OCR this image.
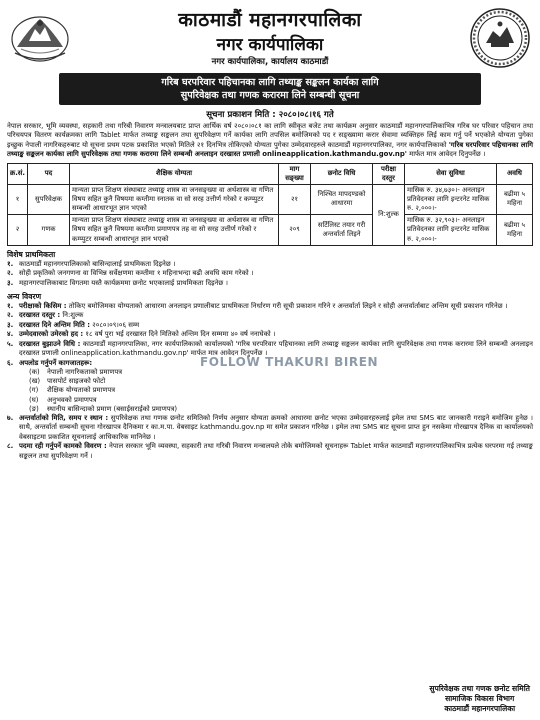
काठमाडौं महानगरपालिका
नगर कार्यपालिका
नगर कार्यपालिका, कार्यालय काठमाडौं
गरिब घरपरिवार पहिचानका लागि तथ्याङ्क सङ्कलन कार्यका लागि
सुपरिवेक्षक तथा गणक करारमा लिने सम्बन्धी सूचना
सूचना प्रकाशन मिति : २०८०।०८।१६ गते

नेपाल सरकार, भूमि व्यवस्था, सहकारी तथा गरिबी निवारण मन्त्रालयबाट प्राप्त आर्थिक वर्ष २०८०।०८१ का लागि स्वीकृत बजेट तथा कार्यक्रम अनुसार काठमाडौं महानगरपालिकाभित्र गरिब घर परिवार पहिचान तथा परिचयपत्र वितरण कार्यक्रमका लागि Tablet मार्फत तथ्याङ्क सङ्कलन तथा सुपरिवेक्षण गर्ने कार्यका लागि तपसिल बमोजिमको पद र सङ्ख्यामा करार सेवामा व्यक्तिहरु लिई काम गर्नु पर्ने भएकोले योग्यता पुगेका इच्छुक नेपाली नागरिकहरुबाट यो सूचना प्रथम पटक प्रकाशित भएको मितिले २१ दिनभित्र तोकिएको योग्यता पुगेका उम्मेदवारहरुले काठमाडौं महानगरपालिका, नगर कार्यपालिकाको 'गरिब घरपरिवार पहिचानका लागि तथ्याङ्क सङ्कलन कार्यका लागि सुपरिवेक्षक तथा गणक करारमा लिने सम्बन्धी अनलाइन दरखास्त प्रणाली onlineapplication.kathmandu.gov.np' मार्फत मात्र आवेदन दिनुपर्नेछ ।

क्र.सं.	पद	शैक्षिक योग्यता	माग सङ्ख्या	छनोट विधि	परीक्षा दस्तुर	सेवा सुविधा	अवधि
१	सुपरिवेक्षक	मान्यता प्राप्त शिक्षण संस्थाबाट तथ्याङ्क शास्त्र वा जनसङ्ख्या वा अर्थशास्त्र वा गणित विषय सहित कुनै विषयमा कम्तीमा स्नातक वा सो सरह उत्तीर्ण गरेको र कम्प्युटर सम्बन्धी आधारभूत ज्ञान भएको	२१	निश्चित मापदण्डको आधारमा	नि:शुल्क	मासिक रु. ३४,७३०।- अनलाइन प्रतिवेदनका लागि इन्टरनेट मासिक रु. २,०००।-	बढीमा ५ महिना
२	गणक	मान्यता प्राप्त शिक्षण संस्थाबाट तथ्याङ्क शास्त्र वा जनसङ्ख्या वा अर्थशास्त्र वा गणित विषय सहित कुनै विषयमा कम्तीमा प्रमाणपत्र तह वा सो सरह उत्तीर्ण गरेको र कम्प्युटर सम्बन्धी आधारभूत ज्ञान भएको	२०९	सर्टिलिस्ट तयार गरी अन्तर्वार्ता लिइने		मासिक रु. ३२,९०३।- अनलाइन प्रतिवेदनका लागि इन्टरनेट मासिक रु. २,०००।-	बढीमा ५ महिना
FOLLOW THAKURI BIREN
विशेष प्राथमिकता
१. काठमाडौं महानगरपालिकाको बासिन्दालाई प्राथमिकता दिइनेछ ।
२. सोही प्रकृतिको जनगणना वा विभिन्न सर्वेक्षणमा कम्तीमा १ महिनाभन्दा बढी अवधि काम गरेको ।
३. महानगरपालिकाबाट विगतमा यस्तै कार्यक्रममा छनोट भएकालाई प्राथमिकता दिइनेछ ।
अन्य विवरण
१. परीक्षाको किसिम : तोकिए बमोजिमका योग्यताको आधारमा अनलाइन प्रणालीबाट प्राथमिकता निर्धारण गरी सूची प्रकाशन गरिने र अन्तर्वार्ता लिइने र सोही अन्तर्वार्ताबाट अन्तिम सूची प्रकाशन गरिनेछ ।
२. दरखास्त दस्तुर : नि:शुल्क
३. दरखास्त दिने अन्तिम मिति : २०८०।०९।०६ सम्म
४. उम्मेदवारको उमेरको हद : १८ वर्ष पुरा भई दरखास्त दिने मितिको अन्तिम दिन सम्ममा ४० वर्ष ननाघेको ।
५. दरखास्त बुझाउने विधि : काठमाडौं महानगरपालिका, नगर कार्यपालिकाको कार्यालयको 'गरिब घरपरिवार पहिचानका लागि तथ्याङ्क सङ्कलन कार्यका लागि सुपरिवेक्षक तथा गणक करारमा लिने सम्बन्धी अनलाइन दरखास्त प्रणाली onlineapplication.kathmandu.gov.np' मार्फत मात्र आवेदन दिनुपर्नेछ ।
६. अपलोड गर्नुपर्ने कागजातहरू:
(क) नेपाली नागरिकताको प्रमाणपत्र
(ख) पासपोर्ट साइजको फोटो
(ग) शैक्षिक योग्यताको प्रमाणपत्र
(घ) अनुभवको प्रमाणपत्र
(ङ) स्थानीय बासिन्दाको प्रमाण (बसाईसराईको प्रमाणपत्र)
७. अन्तर्वार्ताको मिति, समय र स्थान : सुपरिवेक्षक तथा गणक छनोट समितिको निर्णय अनुसार योग्यता क्रमको आधारमा छनोट भएका उम्मेदवारहरुलाई इमेल तथा SMS बाट जानकारी गराइने बमोजिम हुनेछ । साथै, अन्तर्वार्ता सम्बन्धी सूचना गोरखापत्र दैनिकमा र का.म.पा. वेबसाइट kathmandu.gov.np मा समेत प्रकाशन गरिनेछ । इमेल तथा SMS बाट सूचना प्राप्त हुन नसकेमा गोरखापत्र दैनिक वा कार्यालयको वेबसाइटमा प्रकाशित सूचनालाई आधिकारिक मानिनेछ ।
८. पदमा रही गर्नुपर्ने कामको विवरण : नेपाल सरकार भूमि व्यवस्था, सहकारी तथा गरिबी निवारण मन्त्रालयले तोके बमोजिमको सूचनाहरू Tablet मार्फत काठमाडौं महानगरपालिकाभित्र प्रत्येक घरपरमा गई तथ्याङ्क सङ्कलन तथा सुपरिवेक्षण गर्ने ।
सुपरिवेक्षक तथा गणक छनोट समिति
सामाजिक विकास विभाग
काठमाडौं महानगरपालिका
